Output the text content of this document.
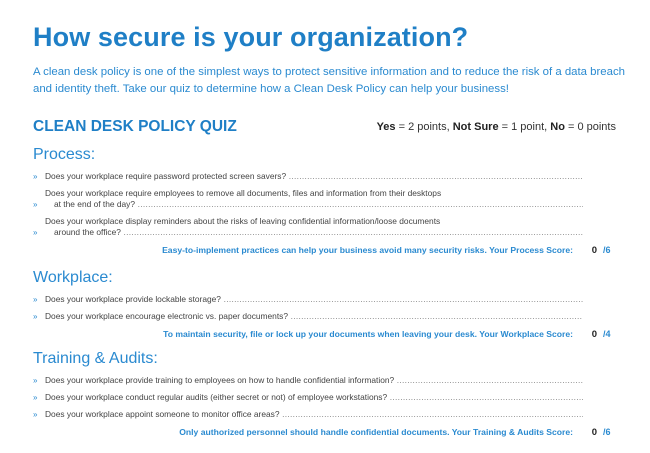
How secure is your organization?

A clean desk policy is one of the simplest ways to protect sensitive information and to reduce the risk of a data breach and identity theft. Take our quiz to determine how a Clean Desk Policy can help your business!

CLEAN DESK POLICY QUIZ	Yes = 2 points, Not Sure = 1 point, No = 0 points
Process:
» Does your workplace require password protected screen savers? .....
»
Does your workplace require employees to remove all documents, files and information from their desktops
at the end of the day? .....
»
Does your workplace display reminders about the risks of leaving confidential information/loose documents
around the office? .....
Easy-to-implement practices can help your business avoid many security risks. Your Process Score:	0 /6
Workplace:
» Does your workplace provide lockable storage? .....
» Does your workplace encourage electronic vs. paper documents? .....
To maintain security, file or lock up your documents when leaving your desk. Your Workplace Score:	0 /4
Training & Audits:
» Does your workplace provide training to employees on how to handle confidential information? .....
» Does your workplace conduct regular audits (either secret or not) of employee workstations? .....
» Does your workplace appoint someone to monitor office areas? .....
Only authorized personnel should handle confidential documents. Your Training & Audits Score:	0 /6
